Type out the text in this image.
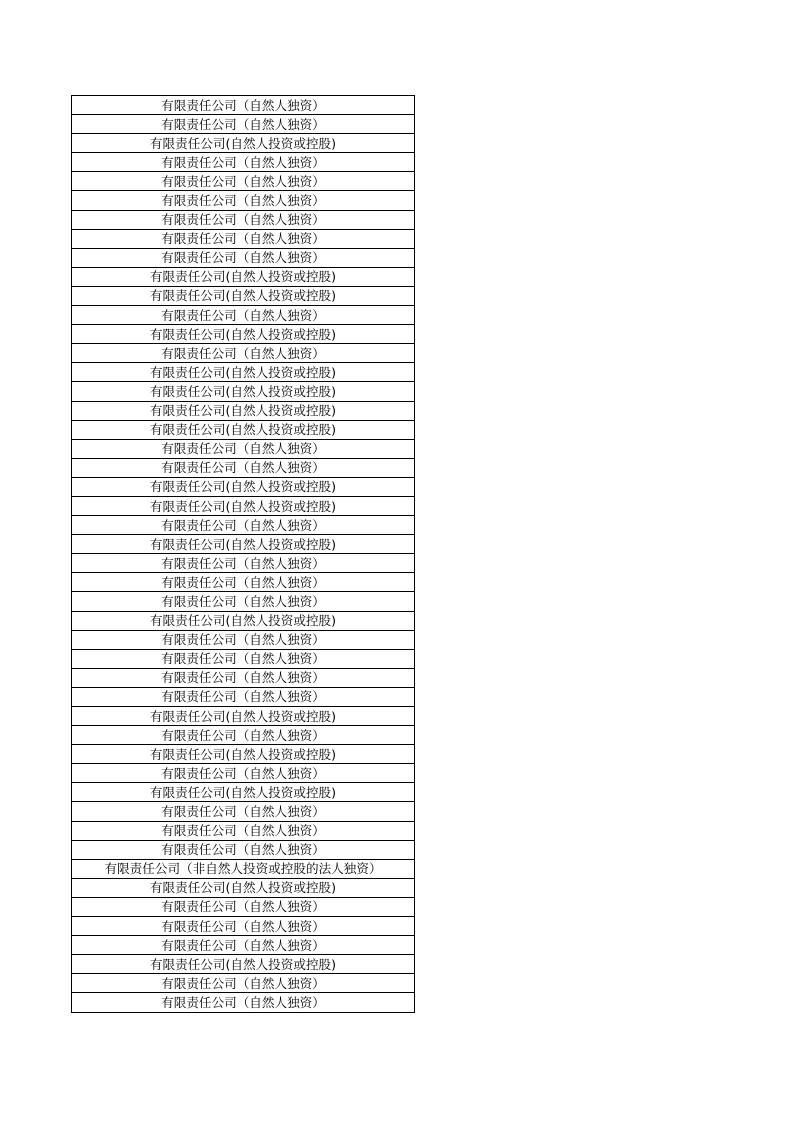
有限责任公司（自然人独资）
有限责任公司（自然人独资）
有限责任公司(自然人投资或控股)
有限责任公司（自然人独资）
有限责任公司（自然人独资）
有限责任公司（自然人独资）
有限责任公司（自然人独资）
有限责任公司（自然人独资）
有限责任公司（自然人独资）
有限责任公司(自然人投资或控股)
有限责任公司(自然人投资或控股)
有限责任公司（自然人独资）
有限责任公司(自然人投资或控股)
有限责任公司（自然人独资）
有限责任公司(自然人投资或控股)
有限责任公司(自然人投资或控股)
有限责任公司(自然人投资或控股)
有限责任公司(自然人投资或控股)
有限责任公司（自然人独资）
有限责任公司（自然人独资）
有限责任公司(自然人投资或控股)
有限责任公司(自然人投资或控股)
有限责任公司（自然人独资）
有限责任公司(自然人投资或控股)
有限责任公司（自然人独资）
有限责任公司（自然人独资）
有限责任公司（自然人独资）
有限责任公司(自然人投资或控股)
有限责任公司（自然人独资）
有限责任公司（自然人独资）
有限责任公司（自然人独资）
有限责任公司（自然人独资）
有限责任公司(自然人投资或控股)
有限责任公司（自然人独资）
有限责任公司(自然人投资或控股)
有限责任公司（自然人独资）
有限责任公司(自然人投资或控股)
有限责任公司（自然人独资）
有限责任公司（自然人独资）
有限责任公司（自然人独资）
有限责任公司（非自然人投资或控股的法人独资）
有限责任公司(自然人投资或控股)
有限责任公司（自然人独资）
有限责任公司（自然人独资）
有限责任公司（自然人独资）
有限责任公司(自然人投资或控股)
有限责任公司（自然人独资）
有限责任公司（自然人独资）
